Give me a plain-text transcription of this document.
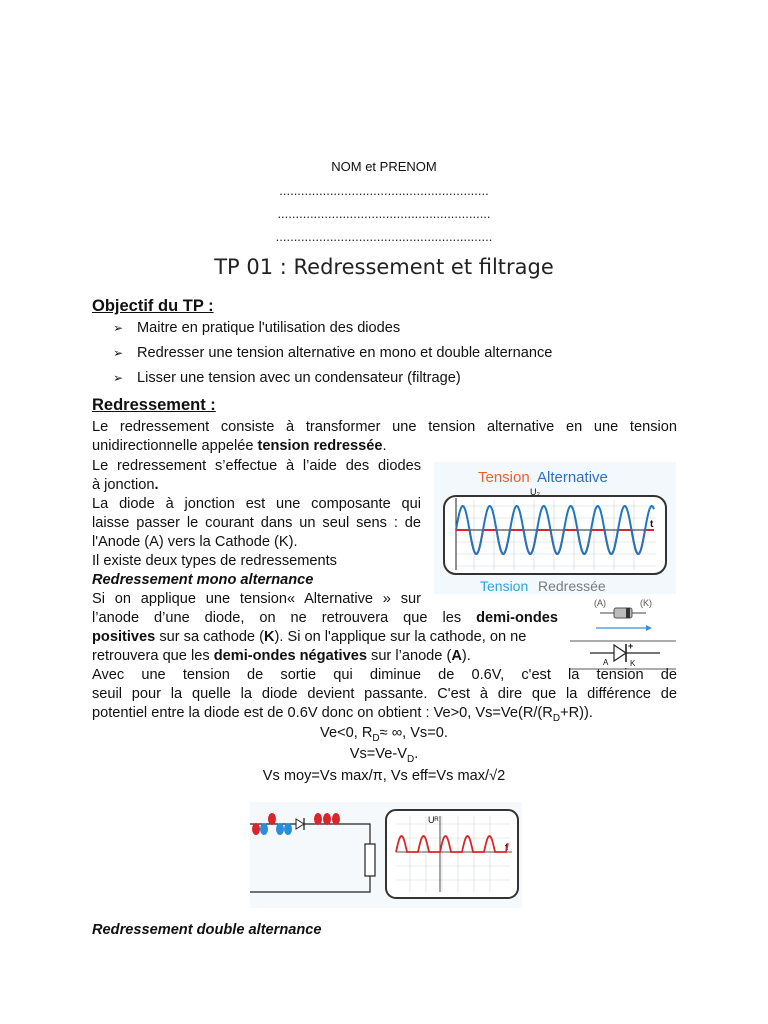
NOM et PRENOM
..........................................................
...........................................................
............................................................
TP 01 : Redressement et filtrage
Objectif du TP :
➢ Maitre en pratique l'utilisation des diodes
➢ Redresser une tension alternative en mono et double alternance
➢ Lisser une tension avec un condensateur (filtrage)
Redressement :
Le redressement consiste à transformer une tension alternative en une tension
unidirectionnelle appelée tension redressée.
Le redressement s’effectue à l’aide des diodes
à jonction.
La diode à jonction est une composante qui
laisse passer le courant dans un seul sens : de
l'Anode (A) vers la Cathode (K).
Il existe deux types de redressements
Redressement mono alternance
Si on applique une tension« Alternative » sur
l’anode d’une diode, on ne retrouvera que les demi-ondes
positives sur sa cathode (K). Si on l'applique sur la cathode, on ne
retrouvera que les demi-ondes négatives sur l’anode (A).
Avec une tension de sortie qui diminue de 0.6V, c'est la tension de
seuil pour la quelle la diode devient passante. C'est à dire que la différence de
potentiel entre la diode est de 0.6V donc on obtient : Ve>0, $Vs=Ve(R/(R_D+R))$.
Ve<0, $R_D\approx$ ∞, Vs=0.
$Vs=Ve-V_D$.
Vs moy=Vs max/π, Vs eff=Vs max/√2
Redressement double alternance
Tension Alternative
U₂
t
Tension Redressée
(A)	(K)
A	K
+
Uᴿ
t
